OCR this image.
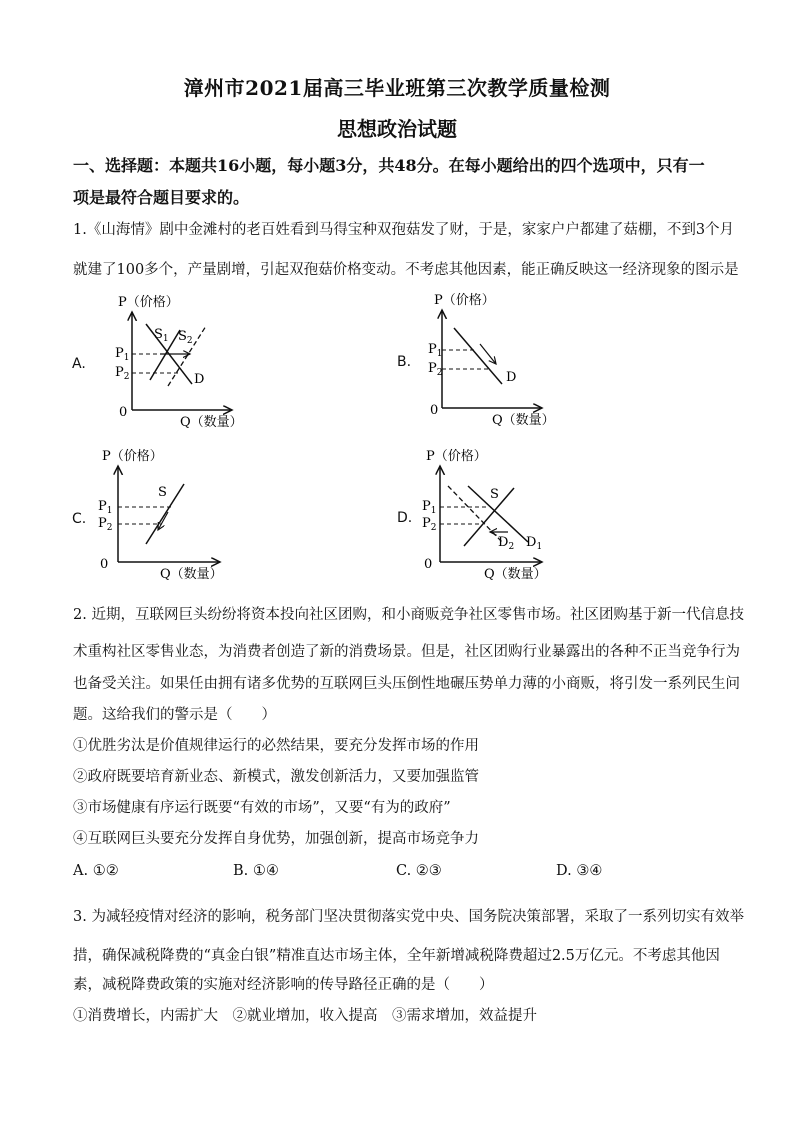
漳州市2021届高三毕业班第三次教学质量检测
思想政治试题
一、选择题：本题共16小题，每小题3分，共48分。在每小题给出的四个选项中，只有一
项是最符合题目要求的。
1.《山海情》剧中金滩村的老百姓看到马得宝种双孢菇发了财，于是，家家户户都建了菇棚，不到3个月
就建了100多个，产量剧增，引起双孢菇价格变动。不考虑其他因素，能正确反映这一经济现象的图示是
A.
P（价格）
Q（数量）
0
$P_1$
$P_2$
$S_1$ $S_2$
D
B.
P（价格）
Q（数量）
0
$P_1$
$P_2$	D
C.
P（价格）
Q（数量）
0
$P_1$
$P_2$
S
D.
P（价格）
Q（数量）
0
$P_1$
$P_2$
S
$D_2$ $D_1$
2. 近期，互联网巨头纷纷将资本投向社区团购，和小商贩竞争社区零售市场。社区团购基于新一代信息技
术重构社区零售业态，为消费者创造了新的消费场景。但是，社区团购行业暴露出的各种不正当竞争行为
也备受关注。如果任由拥有诸多优势的互联网巨头压倒性地碾压势单力薄的小商贩，将引发一系列民生问
题。这给我们的警示是（　　）
①优胜劣汰是价值规律运行的必然结果，要充分发挥市场的作用
②政府既要培育新业态、新模式，激发创新活力，又要加强监管
③市场健康有序运行既要“有效的市场”，又要“有为的政府”
④互联网巨头要充分发挥自身优势，加强创新，提高市场竞争力
A. ①②	B. ①④	C. ②③	D. ③④
3. 为减轻疫情对经济的影响，税务部门坚决贯彻落实党中央、国务院决策部署，采取了一系列切实有效举
措，确保减税降费的“真金白银”精准直达市场主体，全年新增减税降费超过2.5万亿元。不考虑其他因
素，减税降费政策的实施对经济影响的传导路径正确的是（　　）
①消费增长，内需扩大　②就业增加，收入提高　③需求增加，效益提升
